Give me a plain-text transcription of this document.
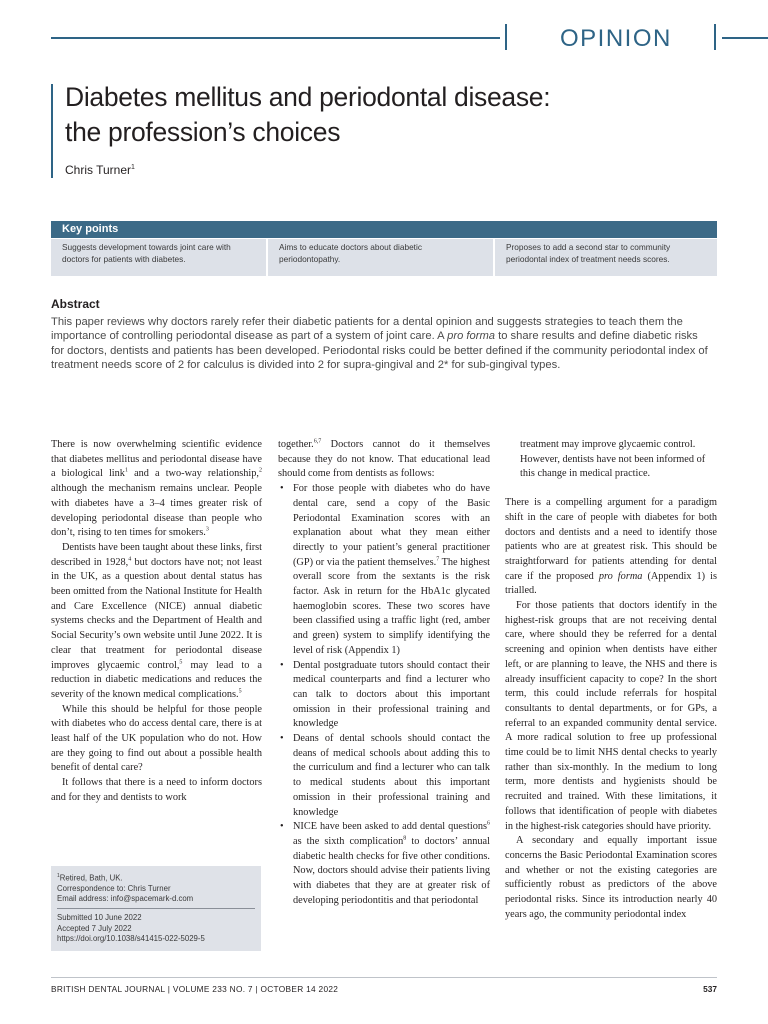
OPINION
Diabetes mellitus and periodontal disease:
the profession’s choices
Chris Turner$^1$
Key points
Suggests development towards joint care with doctors for patients with diabetes.
Aims to educate doctors about diabetic periodontopathy.
Proposes to add a second star to community periodontal index of treatment needs scores.
Abstract
This paper reviews why doctors rarely refer their diabetic patients for a dental opinion and suggests strategies to teach them the importance of controlling periodontal disease as part of a system of joint care. A pro forma to share results and define diabetic risks for doctors, dentists and patients has been developed. Periodontal risks could be better defined if the community periodontal index of treatment needs score of 2 for calculus is divided into 2 for supra-gingival and 2* for sub-gingival types.

There is now overwhelming scientific evidence that diabetes mellitus and periodontal disease have a biological link$^1$ and a two-way relationship,$^2$ although the mechanism remains unclear. People with diabetes have a 3–4 times greater risk of developing periodontal disease than people who don’t, rising to ten times for smokers.$^3$

Dentists have been taught about these links, first described in 1928,$^4$ but doctors have not; not least in the UK, as a question about dental status has been omitted from the National Institute for Health and Care Excellence (NICE) annual diabetic systems checks and the Department of Health and Social Security’s own website until June 2022. It is clear that treatment for periodontal disease improves glycaemic control,$^5$ may lead to a reduction in diabetic medications and reduces the severity of the known medical complications.$^5$

While this should be helpful for those people with diabetes who do access dental care, there is at least half of the UK population who do not. How are they going to find out about a possible health benefit of dental care?

It follows that there is a need to inform doctors and for they and dentists to work

together.$^{6,7}$ Doctors cannot do it themselves because they do not know. That educational lead should come from dentists as follows:

• For those people with diabetes who do have dental care, send a copy of the Basic Periodontal Examination scores with an explanation about what they mean either directly to your patient’s general practitioner (GP) or via the patient themselves.$^7$ The highest overall score from the sextants is the risk factor. Ask in return for the HbA1c glycated haemoglobin scores. These two scores have been classified using a traffic light (red, amber and green) system to simplify identifying the level of risk (Appendix 1)
• Dental postgraduate tutors should contact their medical counterparts and find a lecturer who can talk to doctors about this important omission in their professional training and knowledge
• Deans of dental schools should contact the deans of medical schools about adding this to the curriculum and find a lecturer who can talk to medical students about this important omission in their professional training and knowledge
• NICE have been asked to add dental questions$^6$ as the sixth complication$^8$ to doctors’ annual diabetic health checks for five other conditions. Now, doctors should advise their patients living with diabetes that they are at greater risk of developing periodontitis and that periodontal

treatment may improve glycaemic control. However, dentists have not been informed of this change in medical practice.

There is a compelling argument for a paradigm shift in the care of people with diabetes for both doctors and dentists and a need to identify those patients who are at greatest risk. This should be straightforward for patients attending for dental care if the proposed pro forma (Appendix 1) is trialled.

For those patients that doctors identify in the highest-risk groups that are not receiving dental care, where should they be referred for a dental screening and opinion when dentists have either left, or are planning to leave, the NHS and there is already insufficient capacity to cope? In the short term, this could include referrals for hospital consultants to dental departments, or for GPs, a referral to an expanded community dental service. A more radical solution to free up professional time could be to limit NHS dental checks to yearly rather than six-monthly. In the medium to long term, more dentists and hygienists should be recruited and trained. With these limitations, it follows that identification of people with diabetes in the highest-risk categories should have priority.

A secondary and equally important issue concerns the Basic Periodontal Examination scores and whether or not the existing categories are sufficiently robust as predictors of the above periodontal risks. Since its introduction nearly 40 years ago, the community periodontal index

$^1$Retired, Bath, UK.
Correspondence to: Chris Turner
Email address: info@spacemark-d.com
Submitted 10 June 2022
Accepted 7 July 2022
https://doi.org/10.1038/s41415-022-5029-5
BRITISH DENTAL JOURNAL | VOLUME 233 NO. 7 | OCTOBER 14 2022	537
